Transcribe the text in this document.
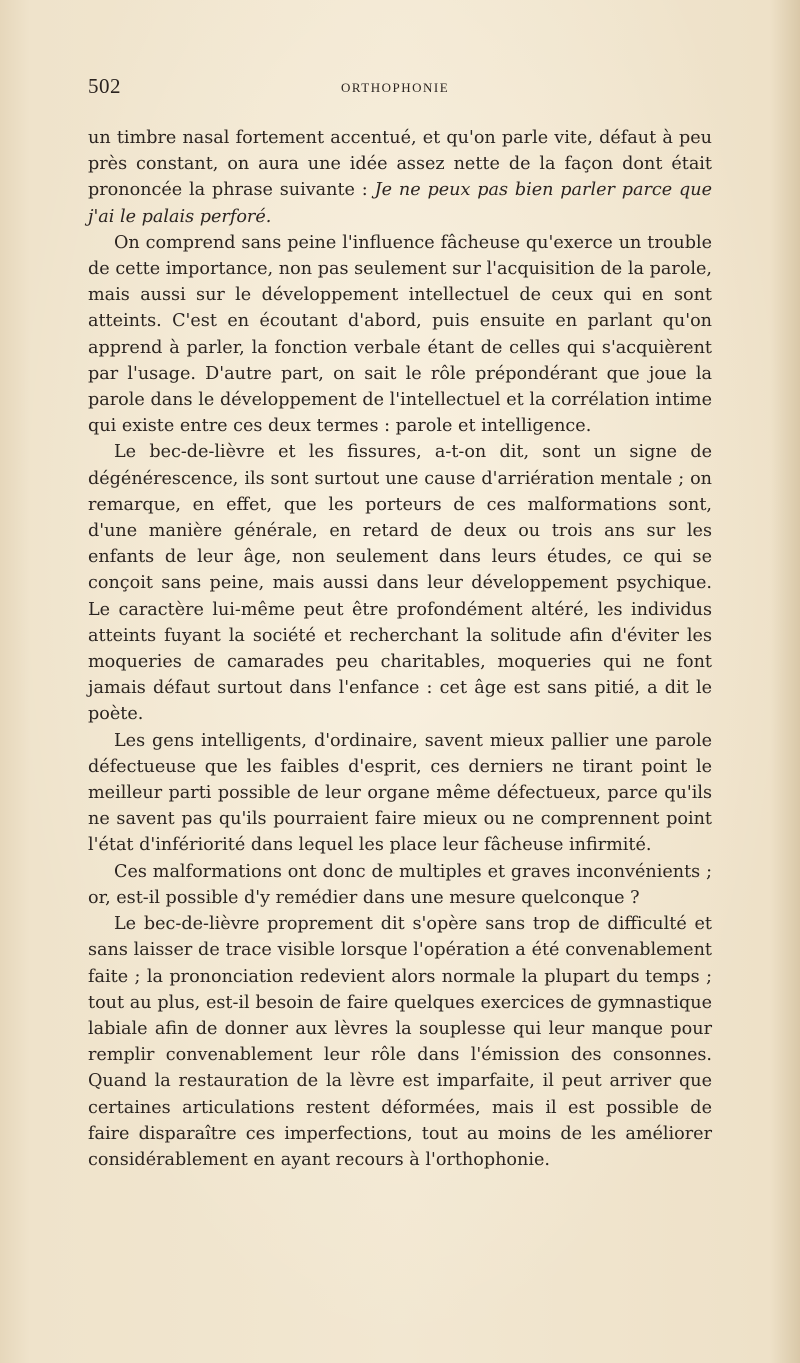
502	ORTHOPHONIE

un timbre nasal fortement accentué, et qu'on parle vite, défaut à peu près constant, on aura une idée assez nette de la façon dont était prononcée la phrase suivante : Je ne peux pas bien parler parce que j'ai le palais perforé.

On comprend sans peine l'influence fâcheuse qu'exerce un trouble de cette importance, non pas seulement sur l'acquisition de la parole, mais aussi sur le développement intellectuel de ceux qui en sont atteints. C'est en écoutant d'abord, puis ensuite en parlant qu'on apprend à parler, la fonction verbale étant de celles qui s'acquièrent par l'usage. D'autre part, on sait le rôle prépondérant que joue la parole dans le développement de l'intellectuel et la corrélation intime qui existe entre ces deux termes : parole et intelligence.

Le bec-de-lièvre et les fissures, a-t-on dit, sont un signe de dégénérescence, ils sont surtout une cause d'arriération mentale ; on remarque, en effet, que les porteurs de ces malformations sont, d'une manière générale, en retard de deux ou trois ans sur les enfants de leur âge, non seulement dans leurs études, ce qui se conçoit sans peine, mais aussi dans leur développement psychique. Le caractère lui-même peut être profondément altéré, les individus atteints fuyant la société et recherchant la solitude afin d'éviter les moqueries de camarades peu charitables, moqueries qui ne font jamais défaut surtout dans l'enfance : cet âge est sans pitié, a dit le poète.

Les gens intelligents, d'ordinaire, savent mieux pallier une parole défectueuse que les faibles d'esprit, ces derniers ne tirant point le meilleur parti possible de leur organe même défectueux, parce qu'ils ne savent pas qu'ils pourraient faire mieux ou ne comprennent point l'état d'infériorité dans lequel les place leur fâcheuse infirmité.

Ces malformations ont donc de multiples et graves inconvénients ; or, est-il possible d'y remédier dans une mesure quelconque ?

Le bec-de-lièvre proprement dit s'opère sans trop de difficulté et sans laisser de trace visible lorsque l'opération a été convenablement faite ; la prononciation redevient alors normale la plupart du temps ; tout au plus, est-il besoin de faire quelques exercices de gymnastique labiale afin de donner aux lèvres la souplesse qui leur manque pour remplir convenablement leur rôle dans l'émission des consonnes. Quand la restauration de la lèvre est imparfaite, il peut arriver que certaines articulations restent déformées, mais il est possible de faire disparaître ces imperfections, tout au moins de les améliorer considérablement en ayant recours à l'orthophonie.
